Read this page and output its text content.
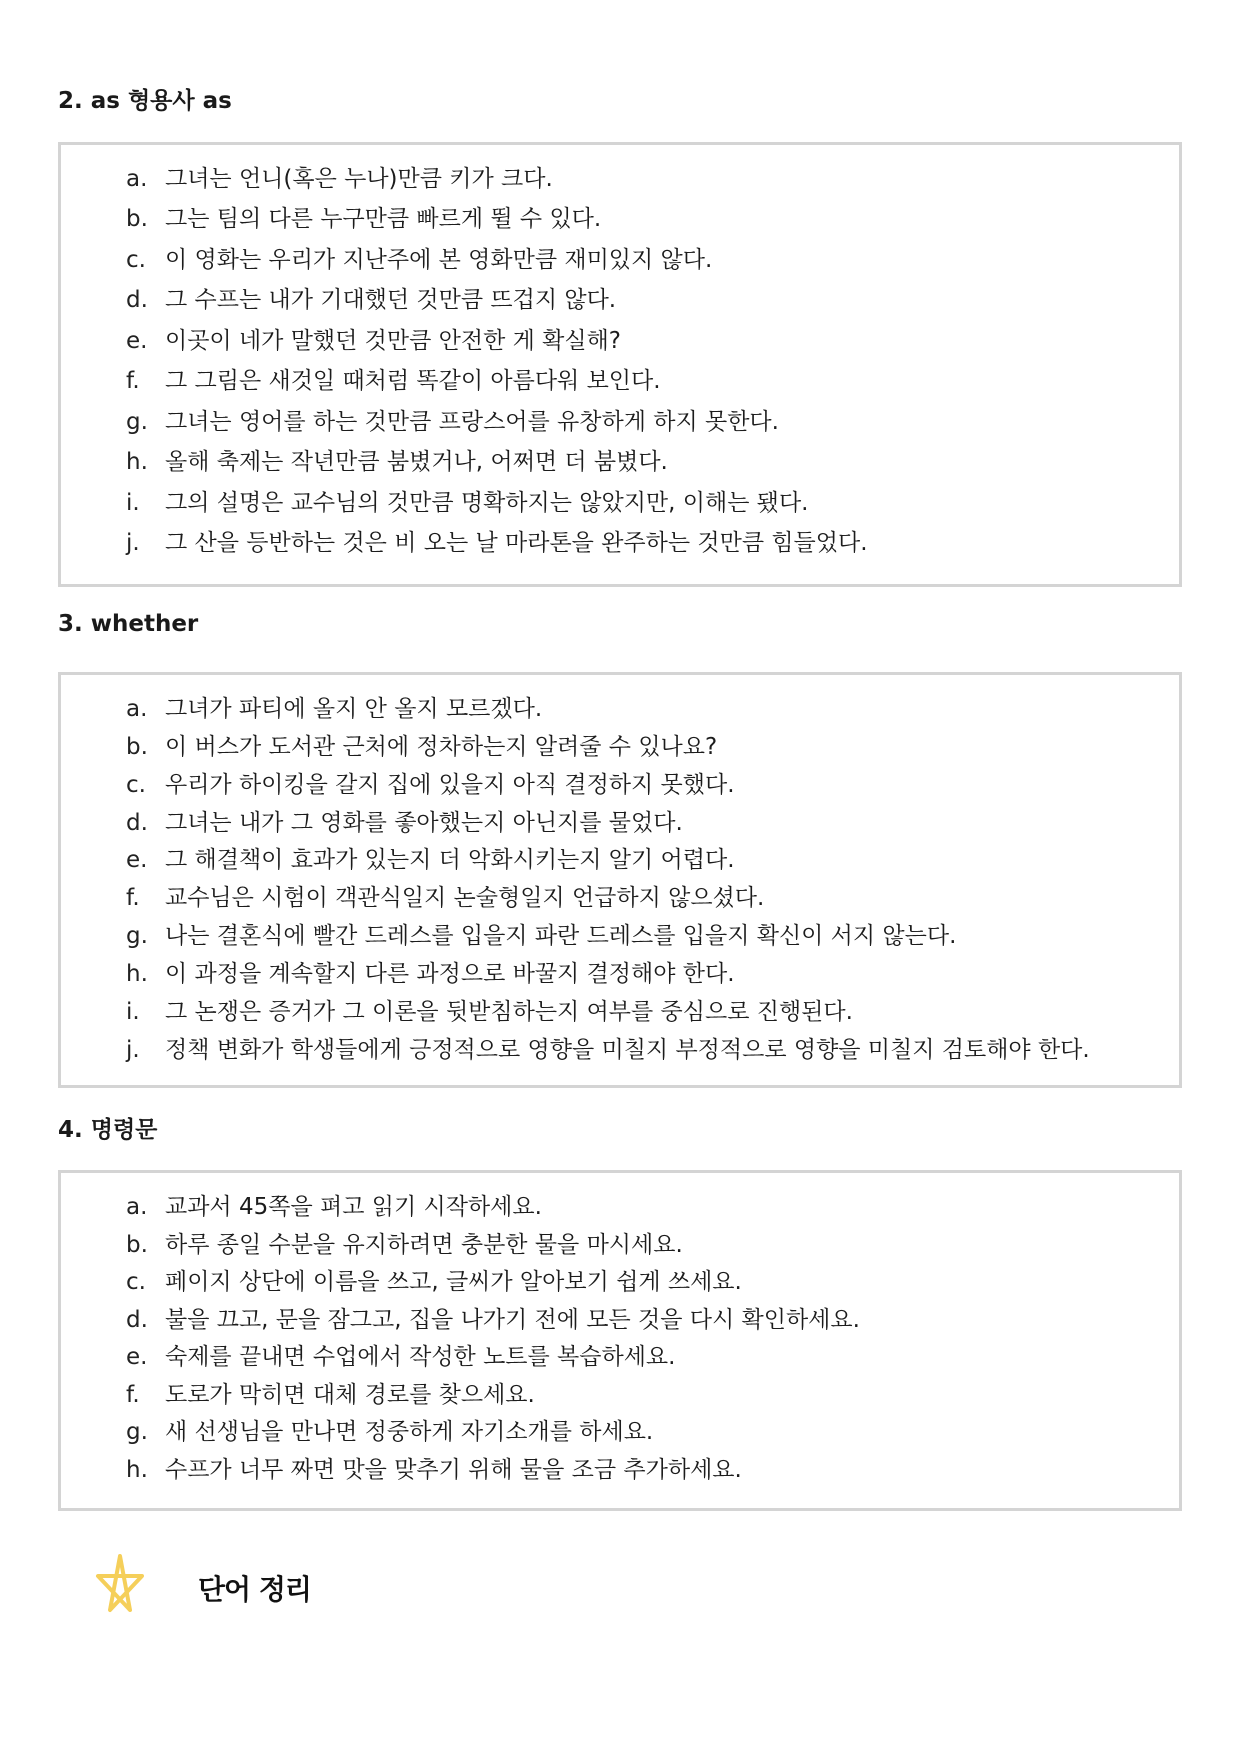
2. as 형용사 as
a. 그녀는 언니(혹은 누나)만큼 키가 크다.
b. 그는 팀의 다른 누구만큼 빠르게 뛸 수 있다.
c. 이 영화는 우리가 지난주에 본 영화만큼 재미있지 않다.
d. 그 수프는 내가 기대했던 것만큼 뜨겁지 않다.
e. 이곳이 네가 말했던 것만큼 안전한 게 확실해?
f.	그 그림은 새것일 때처럼 똑같이 아름다워 보인다.
g. 그녀는 영어를 하는 것만큼 프랑스어를 유창하게 하지 못한다.
h. 올해 축제는 작년만큼 붐볐거나, 어쩌면 더 붐볐다.
i.	그의 설명은 교수님의 것만큼 명확하지는 않았지만, 이해는 됐다.
j.	그 산을 등반하는 것은 비 오는 날 마라톤을 완주하는 것만큼 힘들었다.
3. whether
a. 그녀가 파티에 올지 안 올지 모르겠다.
b. 이 버스가 도서관 근처에 정차하는지 알려줄 수 있나요?
c. 우리가 하이킹을 갈지 집에 있을지 아직 결정하지 못했다.
d. 그녀는 내가 그 영화를 좋아했는지 아닌지를 물었다.
e. 그 해결책이 효과가 있는지 더 악화시키는지 알기 어렵다.
f.	교수님은 시험이 객관식일지 논술형일지 언급하지 않으셨다.
g. 나는 결혼식에 빨간 드레스를 입을지 파란 드레스를 입을지 확신이 서지 않는다.
h. 이 과정을 계속할지 다른 과정으로 바꿀지 결정해야 한다.
i.	그 논쟁은 증거가 그 이론을 뒷받침하는지 여부를 중심으로 진행된다.
j.	정책 변화가 학생들에게 긍정적으로 영향을 미칠지 부정적으로 영향을 미칠지 검토해야 한다.
4. 명령문
a. 교과서 45쪽을 펴고 읽기 시작하세요.
b. 하루 종일 수분을 유지하려면 충분한 물을 마시세요.
c. 페이지 상단에 이름을 쓰고, 글씨가 알아보기 쉽게 쓰세요.
d. 불을 끄고, 문을 잠그고, 집을 나가기 전에 모든 것을 다시 확인하세요.
e. 숙제를 끝내면 수업에서 작성한 노트를 복습하세요.
f.	도로가 막히면 대체 경로를 찾으세요.
g. 새 선생님을 만나면 정중하게 자기소개를 하세요.
h. 수프가 너무 짜면 맛을 맞추기 위해 물을 조금 추가하세요.
단어 정리
